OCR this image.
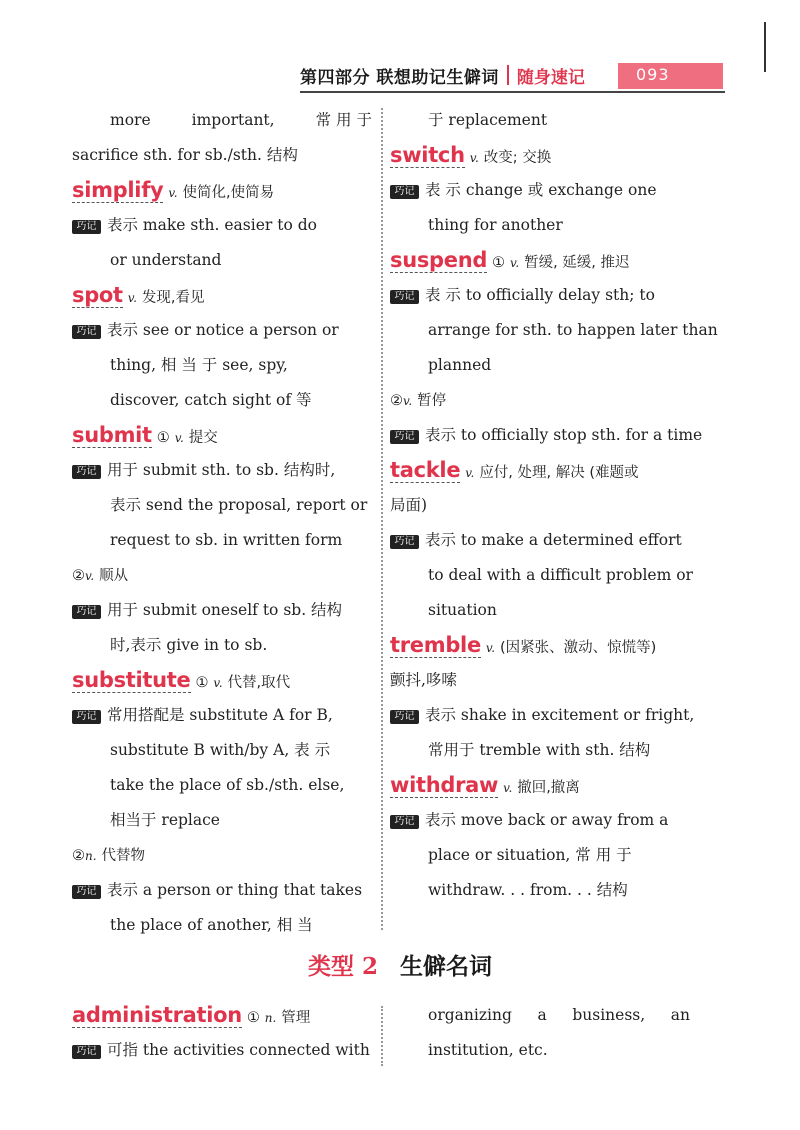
第四部分 联想助记生僻词 随身速记	093
more	important,	常 用 于
sacrifice sth. for sb./sth. 结构
simplify v. 使简化,使简易
巧记 表示 make sth. easier to do
or understand
spot v. 发现,看见
巧记 表示 see or notice a person or
thing, 相 当 于 see, spy,
discover, catch sight of 等
submit ① v. 提交
巧记 用于 submit sth. to sb. 结构时,
表示 send the proposal, report or
request to sb. in written form
②v. 顺从
巧记 用于 submit oneself to sb. 结构
时,表示 give in to sb.
substitute ① v. 代替,取代
巧记 常用搭配是 substitute A for B,
substitute B with/by A, 表 示
take the place of sb./sth. else,
相当于 replace
②n. 代替物
巧记 表示 a person or thing that takes
the place of another, 相 当
于 replacement
switch v. 改变; 交换
巧记 表 示 change 或 exchange one
thing for another
suspend ① v. 暂缓, 延缓, 推迟
巧记 表 示 to officially delay sth; to
arrange for sth. to happen later than
planned
②v. 暂停
巧记 表示 to officially stop sth. for a time
tackle v. 应付, 处理, 解决 (难题或
局面)
巧记 表示 to make a determined effort
to deal with a difficult problem or
situation
tremble v. (因紧张、激动、惊慌等)
颤抖,哆嗦
巧记 表示 shake in excitement or fright,
常用于 tremble with sth. 结构
withdraw v. 撤回,撤离
巧记 表示 move back or away from a
place or situation, 常 用 于
withdraw. . . from. . . 结构
类型 2 生僻名词
administration ① n. 管理
巧记 可指 the activities connected with
organizing a business, an
institution, etc.
